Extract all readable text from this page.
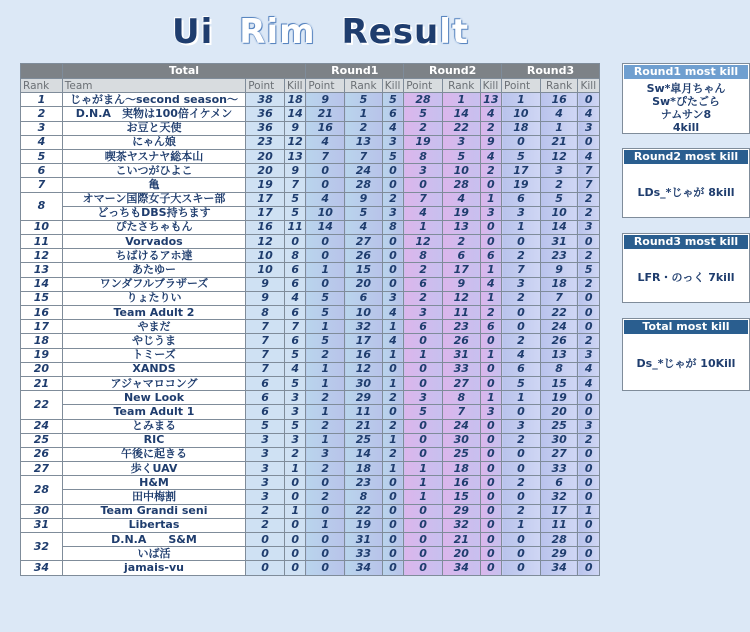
Ui Rim Resu lt
	Total			Round1			Round2			Round3		
Rank	Team	Point	Kill	Point	Rank	Kill	Point	Rank	Kill	Point	Rank	Kill
1	じゃがまん〜second season〜	38	18	9	5	5	28	1	13	1	16	0
2	D.N.A　実物は100倍イケメン	36	14	21	1	6	5	14	4	10	4	4
3	お豆と天使	36	9	16	2	4	2	22	2	18	1	3
4	にゃん娘	23	12	4	13	3	19	3	9	0	21	0
5	喫茶ヤスナヤ総本山	20	13	7	7	5	8	5	4	5	12	4
6	こいつがひよこ	20	9	0	24	0	3	10	2	17	3	7
7	亀	19	7	0	28	0	0	28	0	19	2	7
8	オマーン国際女子大スキー部	17	5	4	9	2	7	4	1	6	5	2
	どっちもDBS持ちます	17	5	10	5	3	4	19	3	3	10	2
10	ぴたさちゃもん	16	11	14	4	8	1	13	0	1	14	3
11	Vorvados	12	0	0	27	0	12	2	0	0	31	0
12	ちばけるアホ達	10	8	0	26	0	8	6	6	2	23	2
13	あたゆー	10	6	1	15	0	2	17	1	7	9	5
14	ワンダフルブラザーズ	9	6	0	20	0	6	9	4	3	18	2
15	りょたりい	9	4	5	6	3	2	12	1	2	7	0
16	Team Adult 2	8	6	5	10	4	3	11	2	0	22	0
17	やまだ	7	7	1	32	1	6	23	6	0	24	0
18	やじうま	7	6	5	17	4	0	26	0	2	26	2
19	トミーズ	7	5	2	16	1	1	31	1	4	13	3
20	XANDS	7	4	1	12	0	0	33	0	6	8	4
21	アジャマロコング	6	5	1	30	1	0	27	0	5	15	4
22	New Look	6	3	2	29	2	3	8	1	1	19	0
	Team Adult 1	6	3	1	11	0	5	7	3	0	20	0
24	とみまる	5	5	2	21	2	0	24	0	3	25	3
25	RIC	3	3	1	25	1	0	30	0	2	30	2
26	午後に起きる	3	2	3	14	2	0	25	0	0	27	0
27	歩くUAV	3	1	2	18	1	1	18	0	0	33	0
28	H&M	3	0	0	23	0	1	16	0	2	6	0
	田中梅割	3	0	2	8	0	1	15	0	0	32	0
30	Team Grandi seni	2	1	0	22	0	0	29	0	2	17	1
31	Libertas	2	0	1	19	0	0	32	0	1	11	0
32	D.N.A　　S&M	0	0	0	31	0	0	21	0	0	28	0
	いば活	0	0	0	33	0	0	20	0	0	29	0
34	jamais-vu	0	0	0	34	0	0	34	0	0	34	0
Round1 most kill
Sw*皐月ちゃん
Sw*ぴたごら
ナムサン8
4kill
Round2 most kill
LDs_*じゃが 8kill
Round3 most kill
LFR・のっく 7kill
Total most kill
Ds_*じゃが 10Kill
